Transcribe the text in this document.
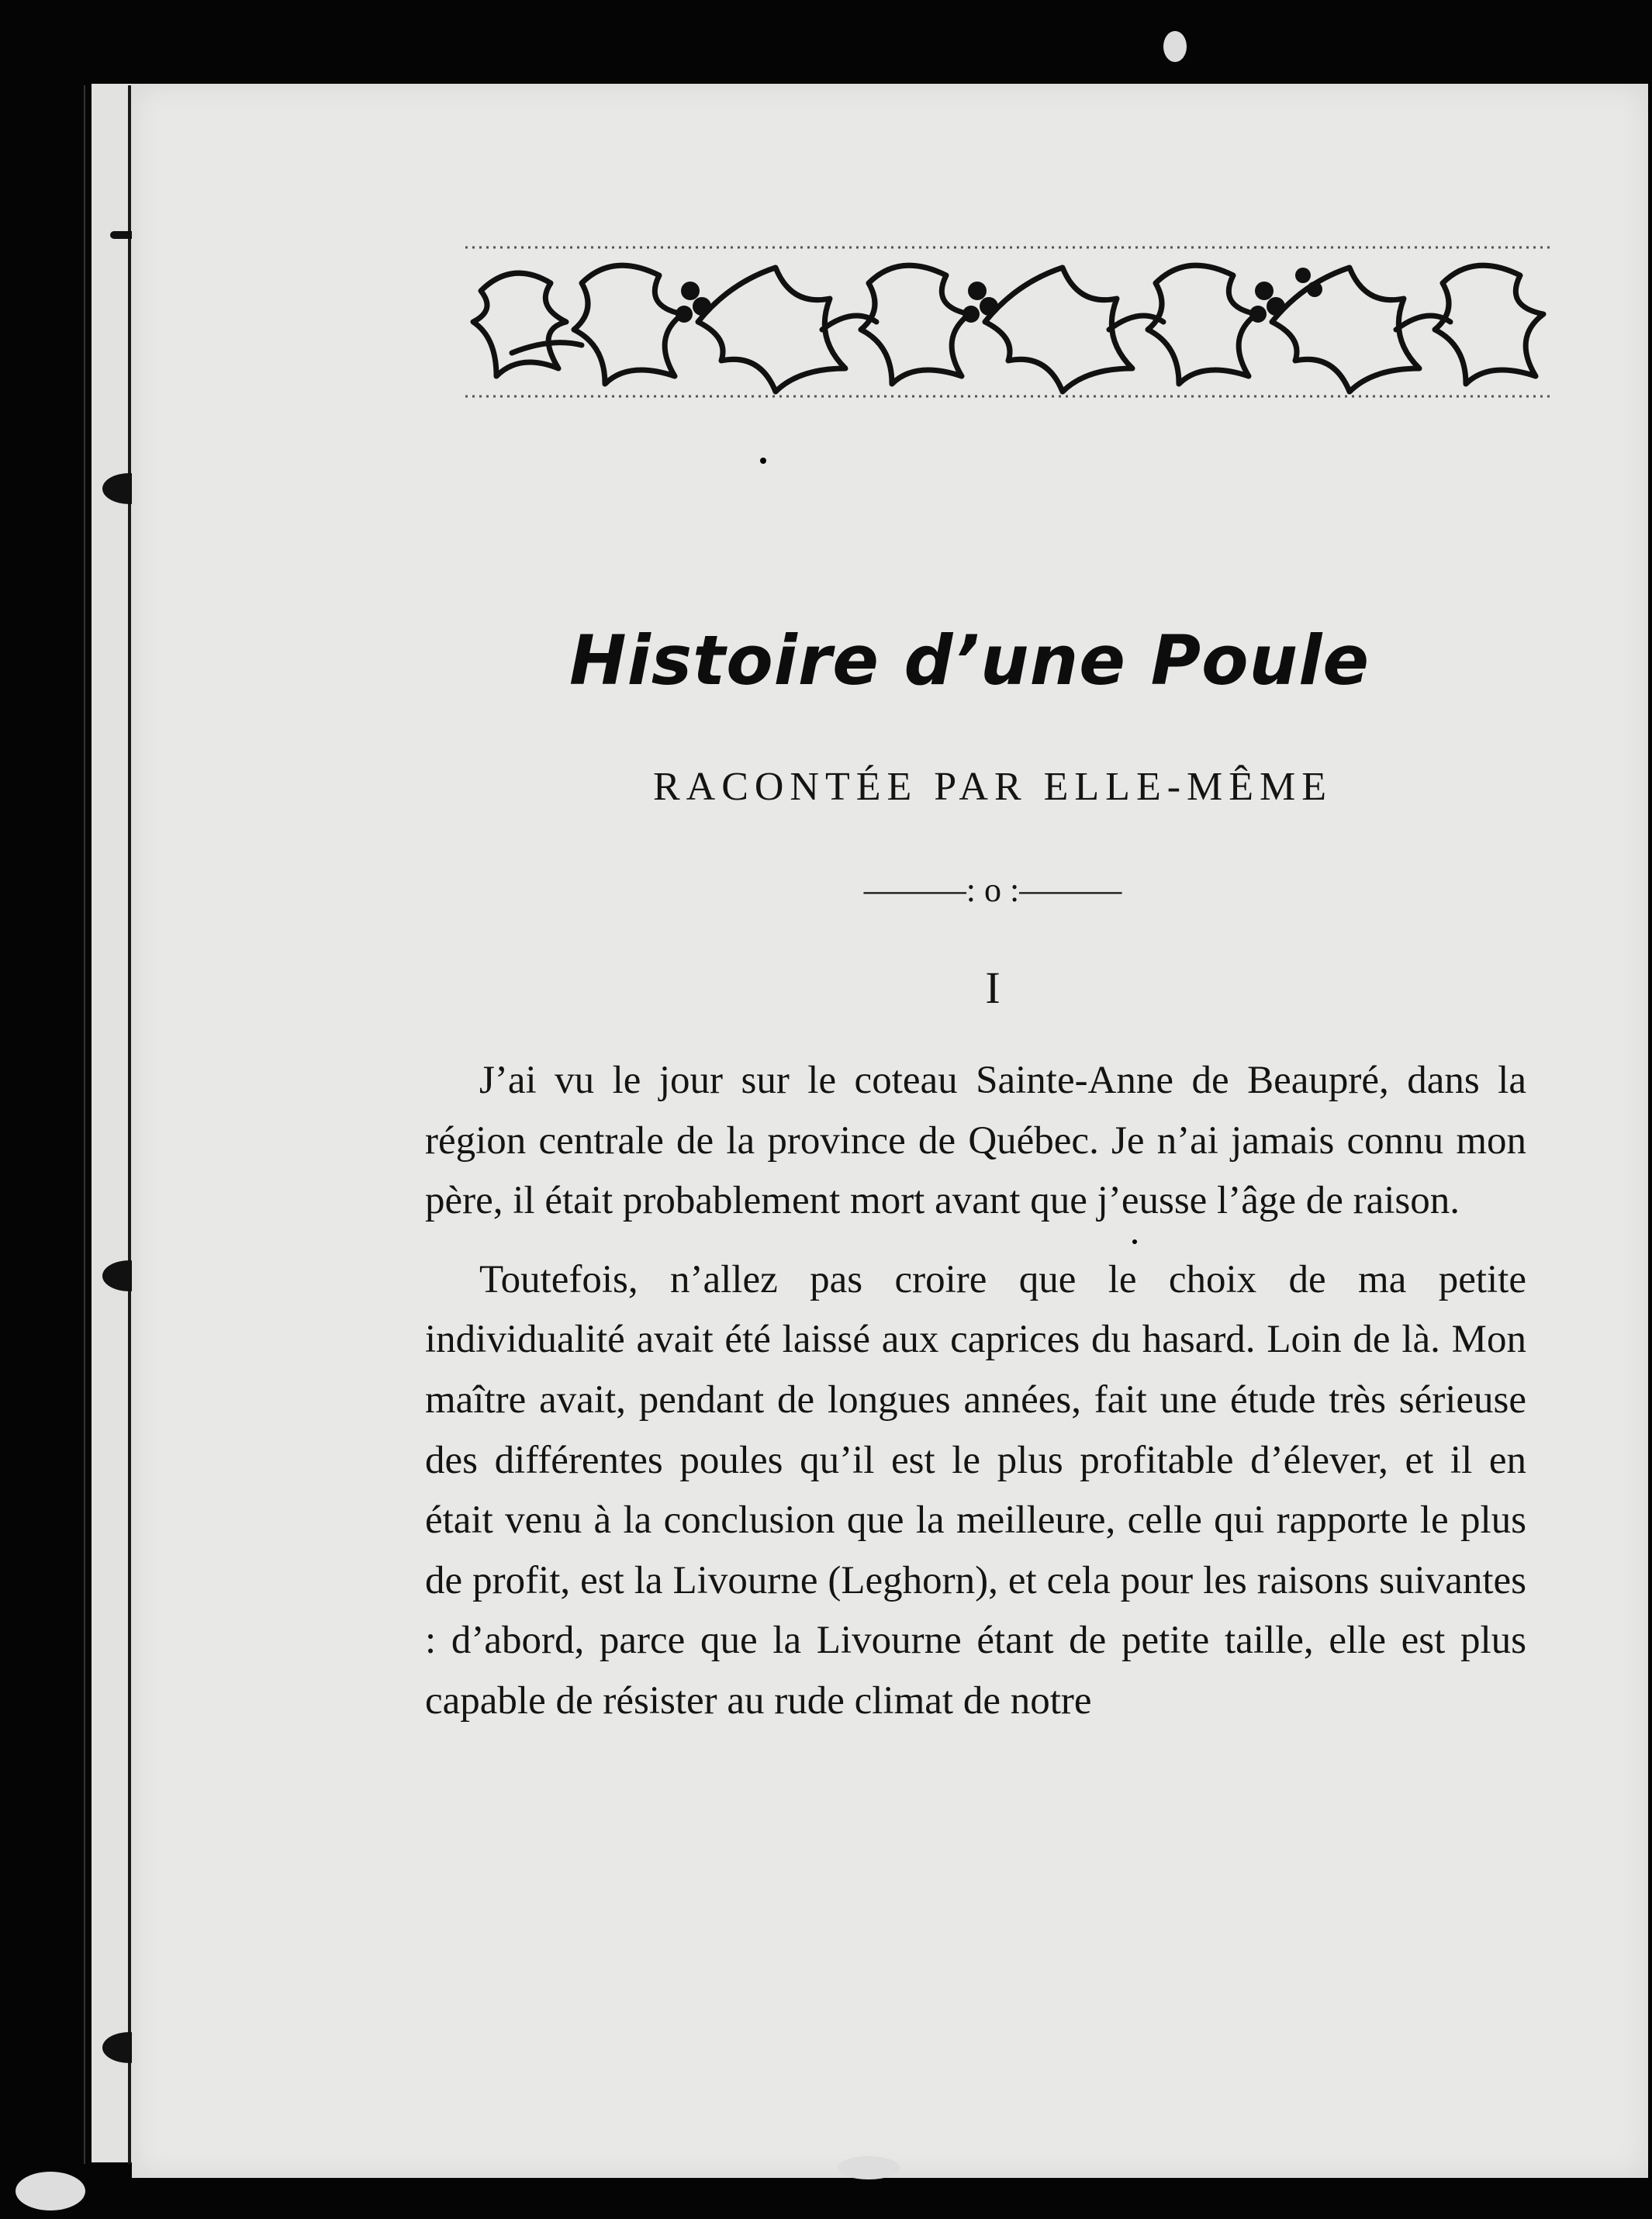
Histoire d’une Poule
RACONTÉE PAR ELLE-MÊME
———: o :———
I

J’ai vu le jour sur le coteau Sainte-Anne de Beaupré, dans la région centrale de la province de Québec. Je n’ai jamais connu mon père, il était probablement mort avant que j’eusse l’âge de raison.

Toutefois, n’allez pas croire que le choix de ma petite individualité avait été laissé aux caprices du hasard. Loin de là. Mon maître avait, pendant de longues années, fait une étude très sérieuse des différentes poules qu’il est le plus profitable d’élever, et il en était venu à la conclusion que la meilleure, celle qui rapporte le plus de profit, est la Livourne (Leghorn), et cela pour les raisons suivantes : d’abord, parce que la Livourne étant de petite taille, elle est plus capable de résister au rude climat de notre
